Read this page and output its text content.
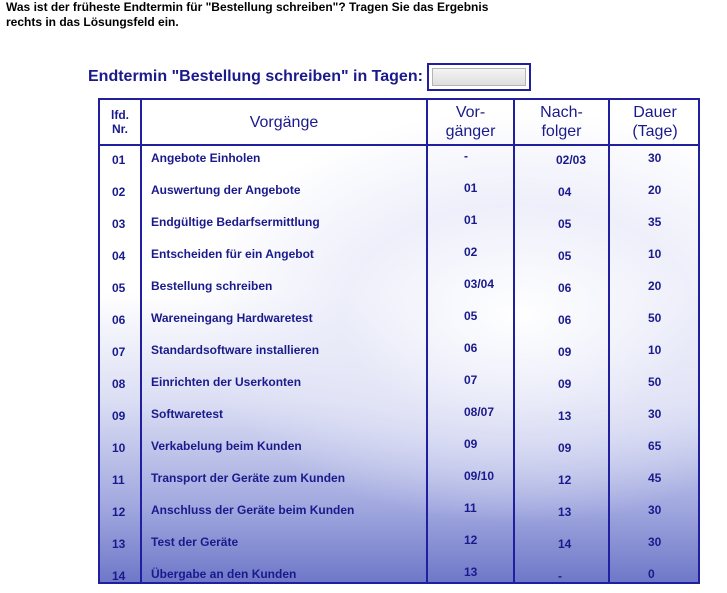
Was ist der früheste Endtermin für "Bestellung schreiben"? Tragen Sie das Ergebnis
rechts in das Lösungsfeld ein.
Endtermin "Bestellung schreiben" in Tagen:
lfd.
Nr.	Vorgänge
Vor-
gänger
Nach-
folger
Dauer
(Tage)
01 Angebote Einholen	-	02/03	30
02 Auswertung der Angebote	01	04	20
03 Endgültige Bedarfsermittlung	01	05	35
04 Entscheiden für ein Angebot	02	05	10
05 Bestellung schreiben	03/04	06	20
06 Wareneingang Hardwaretest	05	06	50
07 Standardsoftware installieren	06	09	10
08 Einrichten der Userkonten	07	09	50
09 Softwaretest	08/07	13	30
10 Verkabelung beim Kunden	09	09	65
11 Transport der Geräte zum Kunden	09/10	12	45
12 Anschluss der Geräte beim Kunden	11	13	30
13 Test der Geräte	12	14	30
14 Übergabe an den Kunden	13	-	0
